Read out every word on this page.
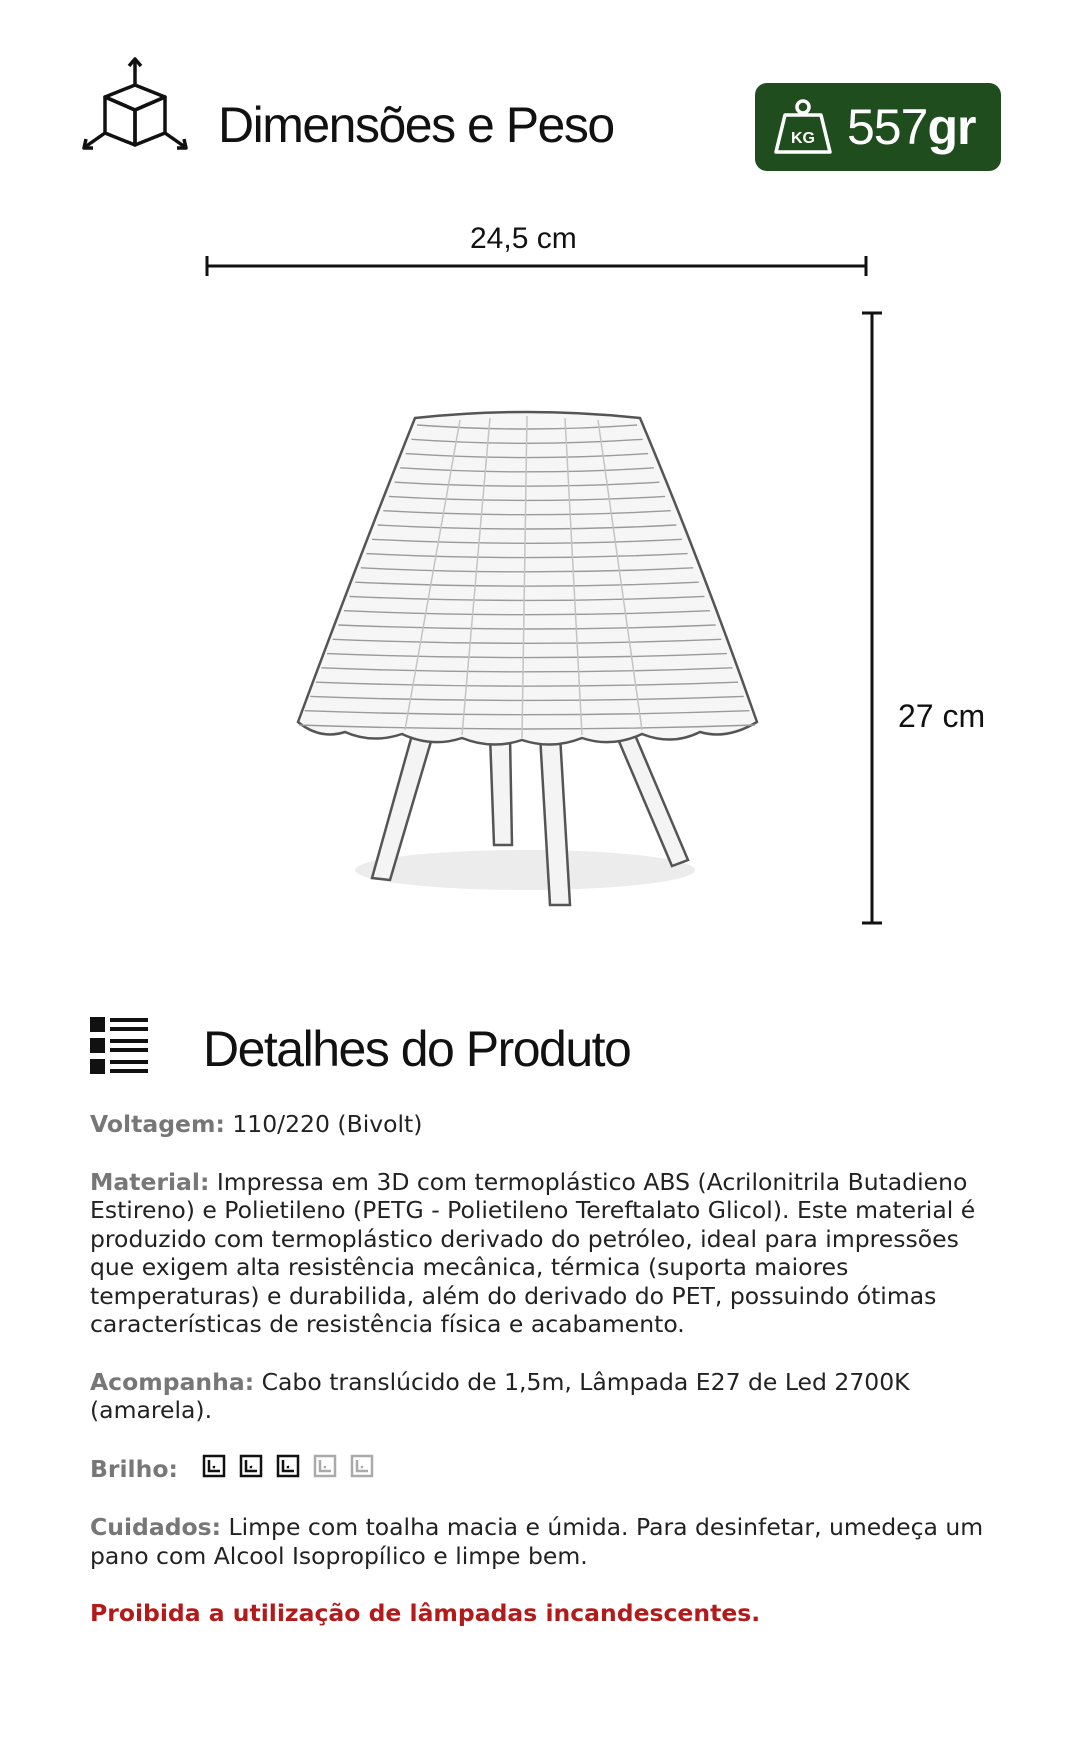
Dimensões e Peso	KG 557gr
24,5 cm
27 cm
Detalhes do Produto

Voltagem: 110/220 (Bivolt)

Material: Impressa em 3D com termoplástico ABS (Acrilonitrila Butadieno Estireno) e Polietileno (PETG - Polietileno Tereftalato Glicol). Este material é produzido com termoplástico derivado do petróleo, ideal para impressões que exigem alta resistência mecânica, térmica (suporta maiores temperaturas) e durabilida, além do derivado do PET, possuindo ótimas características de resistência física e acabamento.

Acompanha: Cabo translúcido de 1,5m, Lâmpada E27 de Led 2700K (amarela).

Brilho:

Cuidados: Limpe com toalha macia e úmida. Para desinfetar, umedeça um pano com Alcool Isopropílico e limpe bem.

Proibida a utilização de lâmpadas incandescentes.
